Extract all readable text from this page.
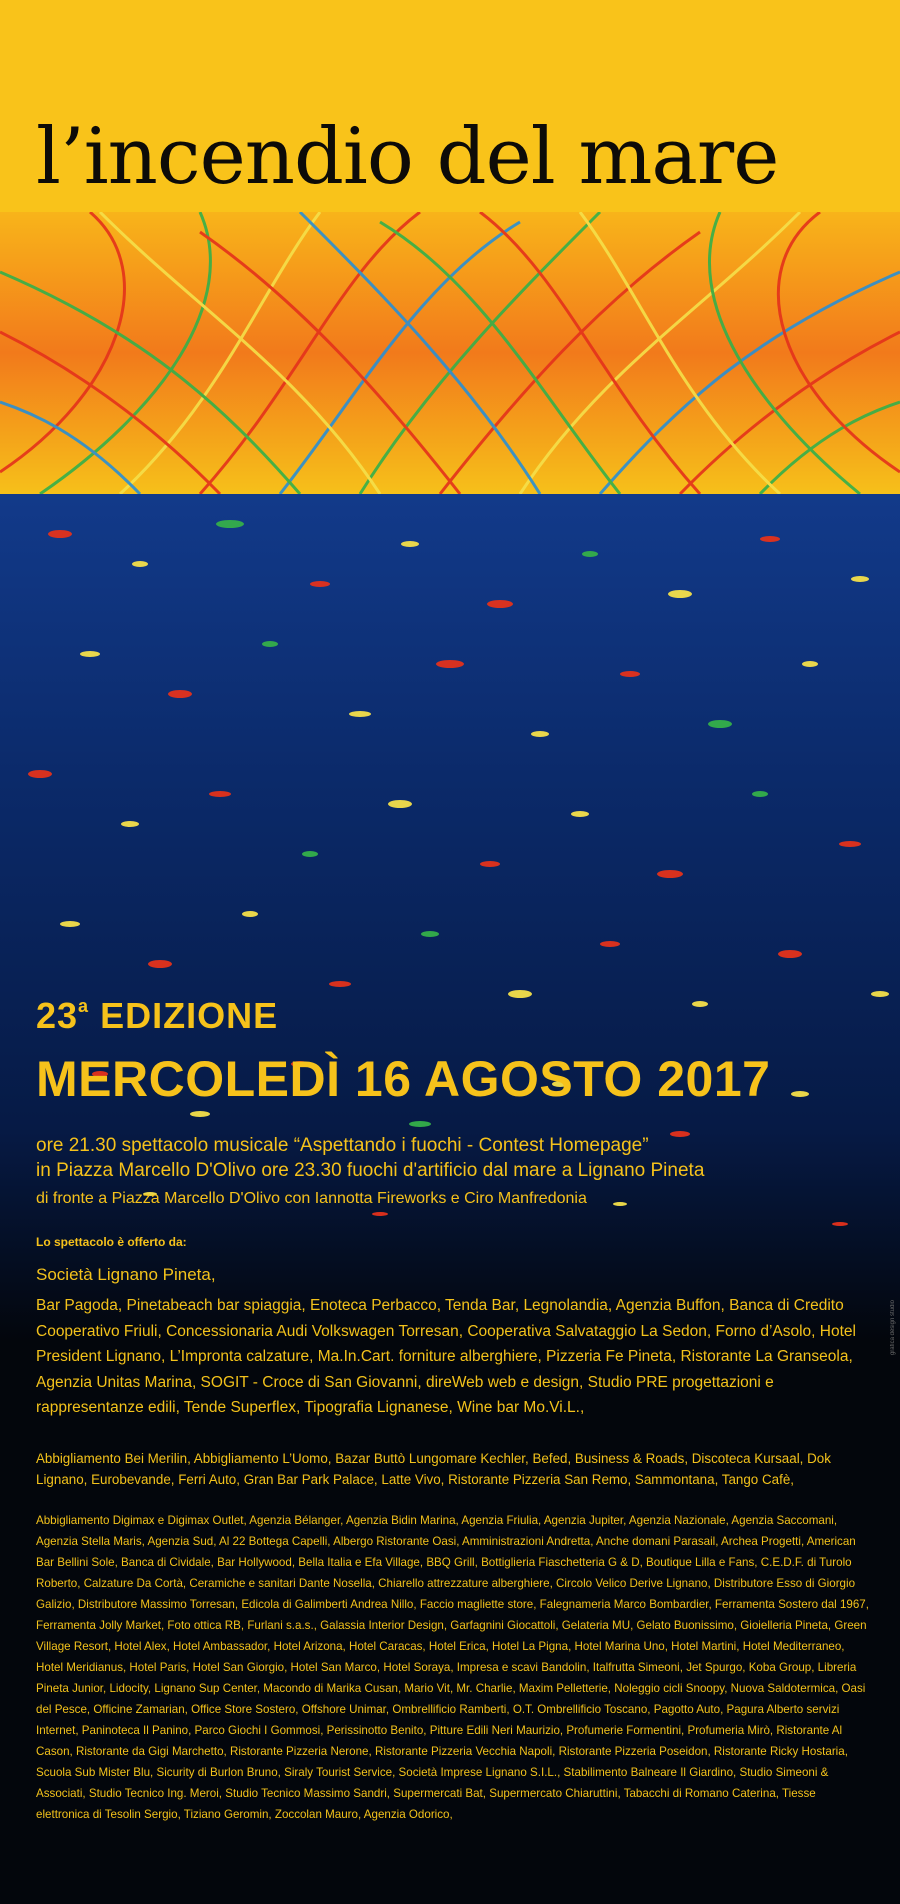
l’incendio del mare
23$^a$ EDIZIONE
MERCOLEDÌ 16 AGOSTO 2017
ore 21.30 spettacolo musicale “Aspettando i fuochi - Contest Homepage”
in Piazza Marcello D'Olivo ore 23.30 fuochi d'artificio dal mare a Lignano Pineta
di fronte a Piazza Marcello D'Olivo con Iannotta Fireworks e Ciro Manfredonia
Lo spettacolo è offerto da:
Società Lignano Pineta,
Bar Pagoda, Pinetabeach bar spiaggia, Enoteca Perbacco, Tenda Bar, Legnolandia, Agenzia Buffon, Banca di Credito Cooperativo Friuli, Concessionaria Audi Volkswagen Torresan, Cooperativa Salvataggio La Sedon, Forno d’Asolo, Hotel President Lignano, L’Impronta calzature, Ma.In.Cart. forniture alberghiere, Pizzeria Fe Pineta, Ristorante La Granseola, Agenzia Unitas Marina, SOGIT - Croce di San Giovanni, direWeb web e design, Studio PRE progettazioni e rappresentanze edili, Tende Superflex, Tipografia Lignanese, Wine bar Mo.Vi.L.,
Abbigliamento Bei Merilin, Abbigliamento L’Uomo, Bazar Buttò Lungomare Kechler, Befed, Business & Roads, Discoteca Kursaal, Dok Lignano, Eurobevande, Ferri Auto, Gran Bar Park Palace, Latte Vivo, Ristorante Pizzeria San Remo, Sammontana, Tango Cafè,
Abbigliamento Digimax e Digimax Outlet, Agenzia Bélanger, Agenzia Bidin Marina, Agenzia Friulia, Agenzia Jupiter, Agenzia Nazionale, Agenzia Saccomani, Agenzia Stella Maris, Agenzia Sud, Al 22 Bottega Capelli, Albergo Ristorante Oasi, Amministrazioni Andretta, Anche domani Parasail, Archea Progetti, American Bar Bellini Sole, Banca di Cividale, Bar Hollywood, Bella Italia e Efa Village, BBQ Grill, Bottiglieria Fiaschetteria G & D, Boutique Lilla e Fans, C.E.D.F. di Turolo Roberto, Calzature Da Cortà, Ceramiche e sanitari Dante Nosella, Chiarello attrezzature alberghiere, Circolo Velico Derive Lignano, Distributore Esso di Giorgio Galizio, Distributore Massimo Torresan, Edicola di Galimberti Andrea Nillo, Faccio magliette store, Falegnameria Marco Bombardier, Ferramenta Sostero dal 1967, Ferramenta Jolly Market, Foto ottica RB, Furlani s.a.s., Galassia Interior Design, Garfagnini Giocattoli, Gelateria MU, Gelato Buonissimo, Gioielleria Pineta, Green Village Resort, Hotel Alex, Hotel Ambassador, Hotel Arizona, Hotel Caracas, Hotel Erica, Hotel La Pigna, Hotel Marina Uno, Hotel Martini, Hotel Mediterraneo, Hotel Meridianus, Hotel Paris, Hotel San Giorgio, Hotel San Marco, Hotel Soraya, Impresa e scavi Bandolin, Italfrutta Simeoni, Jet Spurgo, Koba Group, Libreria Pineta Junior, Lidocity, Lignano Sup Center, Macondo di Marika Cusan, Mario Vit, Mr. Charlie, Maxim Pelletterie, Noleggio cicli Snoopy, Nuova Saldotermica, Oasi del Pesce, Officine Zamarian, Office Store Sostero, Offshore Unimar, Ombrellificio Ramberti, O.T. Ombrellificio Toscano, Pagotto Auto, Pagura Alberto servizi Internet, Paninoteca Il Panino, Parco Giochi I Gommosi, Perissinotto Benito, Pitture Edili Neri Maurizio, Profumerie Formentini, Profumeria Mirò, Ristorante Al Cason, Ristorante da Gigi Marchetto, Ristorante Pizzeria Nerone, Ristorante Pizzeria Vecchia Napoli, Ristorante Pizzeria Poseidon, Ristorante Ricky Hostaria, Scuola Sub Mister Blu, Sicurity di Burlon Bruno, Siraly Tourist Service, Società Imprese Lignano S.I.L., Stabilimento Balneare Il Giardino, Studio Simeoni & Associati, Studio Tecnico Ing. Meroi, Studio Tecnico Massimo Sandri, Supermercati Bat, Supermercato Chiaruttini, Tabacchi di Romano Caterina, Tiesse elettronica di Tesolin Sergio, Tiziano Geromin, Zoccolan Mauro, Agenzia Odorico,
grafica design studio
